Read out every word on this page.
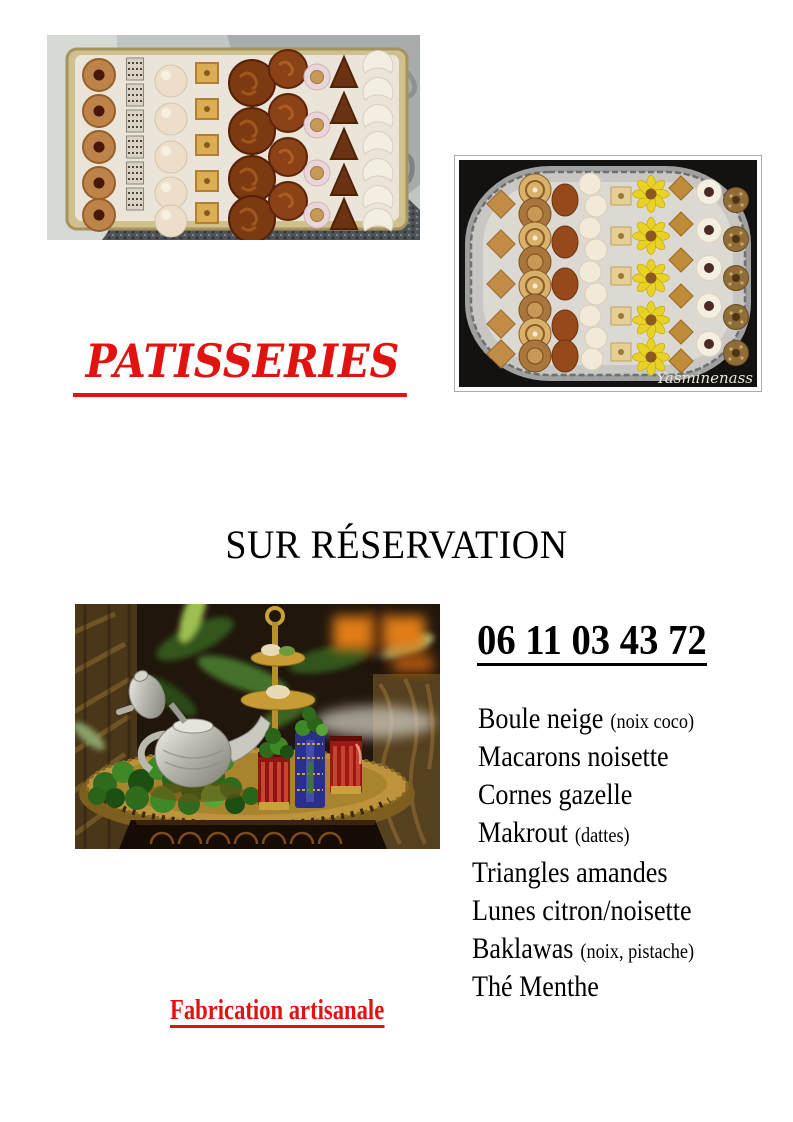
Yasminenass
PATISSERIES
SUR RÉSERVATION
06 11 03 43 72
Boule neige (noix coco)
Macarons noisette
Cornes gazelle
Makrout (dattes)
Triangles amandes
Lunes citron/noisette
Baklawas (noix, pistache)
Thé Menthe
Fabrication artisanale
